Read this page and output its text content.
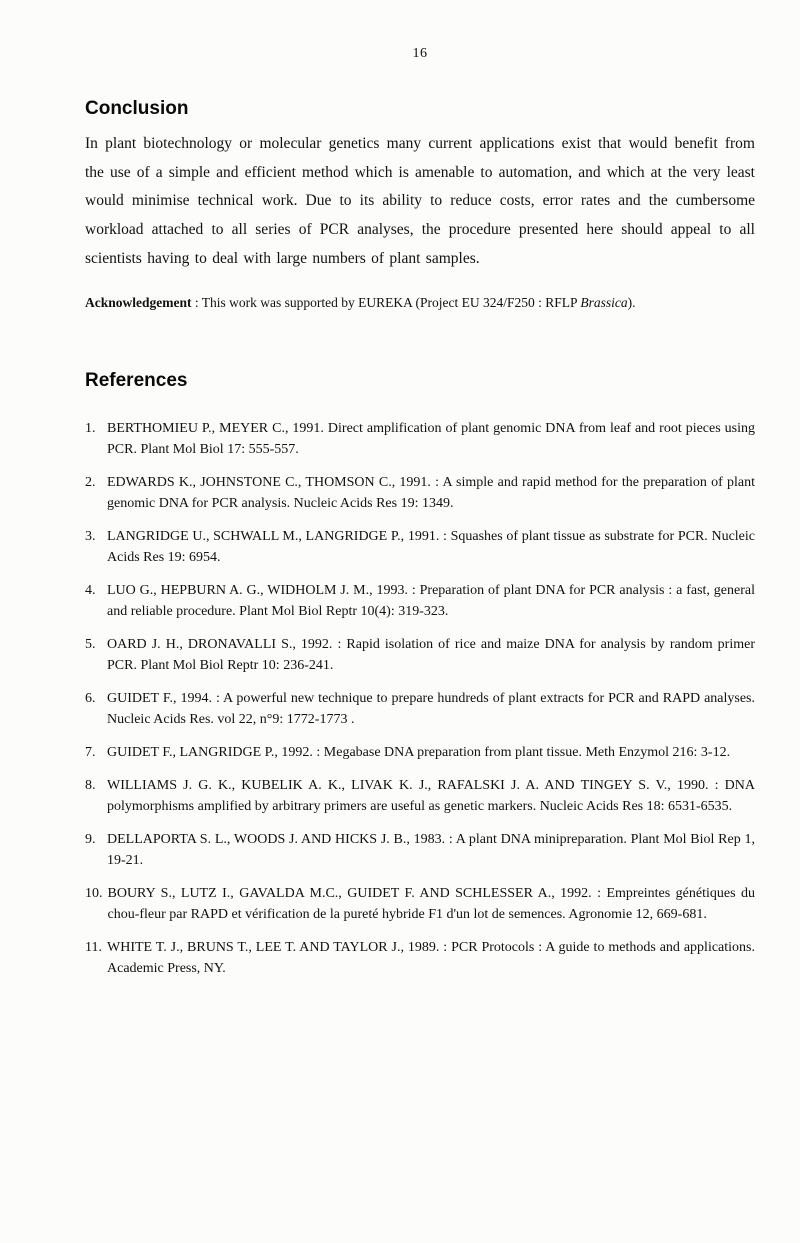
16
Conclusion

In plant biotechnology or molecular genetics many current applications exist that would benefit from the use of a simple and efficient method which is amenable to automation, and which at the very least would minimise technical work. Due to its ability to reduce costs, error rates and the cumbersome workload attached to all series of PCR analyses, the procedure presented here should appeal to all scientists having to deal with large numbers of plant samples.

Acknowledgement : This work was supported by EUREKA (Project EU 324/F250 : RFLP Brassica).

References
1. BERTHOMIEU P., MEYER C., 1991. Direct amplification of plant genomic DNA from leaf and root pieces using PCR. Plant Mol Biol 17: 555-557.
2. EDWARDS K., JOHNSTONE C., THOMSON C., 1991. : A simple and rapid method for the preparation of plant genomic DNA for PCR analysis. Nucleic Acids Res 19: 1349.
3. LANGRIDGE U., SCHWALL M., LANGRIDGE P., 1991. : Squashes of plant tissue as substrate for PCR. Nucleic Acids Res 19: 6954.
4. LUO G., HEPBURN A. G., WIDHOLM J. M., 1993. : Preparation of plant DNA for PCR analysis : a fast, general and reliable procedure. Plant Mol Biol Reptr 10(4): 319-323.
5. OARD J. H., DRONAVALLI S., 1992. : Rapid isolation of rice and maize DNA for analysis by random primer PCR. Plant Mol Biol Reptr 10: 236-241.
6. GUIDET F., 1994. : A powerful new technique to prepare hundreds of plant extracts for PCR and RAPD analyses. Nucleic Acids Res. vol 22, n°9: 1772-1773 .
7. GUIDET F., LANGRIDGE P., 1992. : Megabase DNA preparation from plant tissue. Meth Enzymol 216: 3-12.
8. WILLIAMS J. G. K., KUBELIK A. K., LIVAK K. J., RAFALSKI J. A. AND TINGEY S. V., 1990. : DNA polymorphisms amplified by arbitrary primers are useful as genetic markers. Nucleic Acids Res 18: 6531-6535.
9. DELLAPORTA S. L., WOODS J. AND HICKS J. B., 1983. : A plant DNA minipreparation. Plant Mol Biol Rep 1, 19-21.
10. BOURY S., LUTZ I., GAVALDA M.C., GUIDET F. AND SCHLESSER A., 1992. : Empreintes génétiques du chou-fleur par RAPD et vérification de la pureté hybride F1 d'un lot de semences. Agronomie 12, 669-681.
11. WHITE T. J., BRUNS T., LEE T. AND TAYLOR J., 1989. : PCR Protocols : A guide to methods and applications. Academic Press, NY.
